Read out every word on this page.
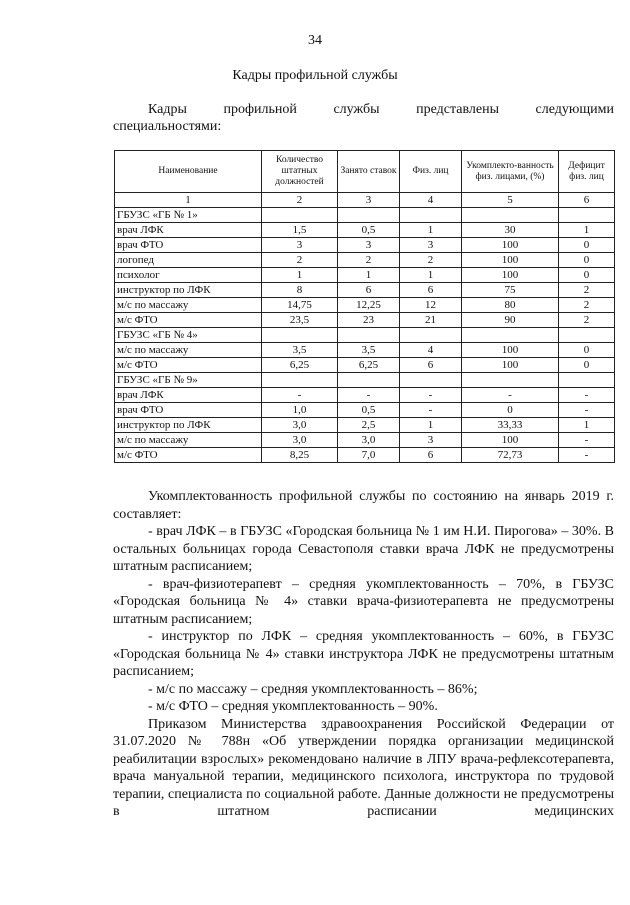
34
Кадры профильной службы
Кадры профильной службы представлены следующими
специальностями:
Наименование	Количество штатных должностей	Занято ставок	Физ. лиц	Укомплекто-ванность физ. лицами, (%)	Дефицит физ. лиц
1	2	3	4	5	6
ГБУЗС «ГБ № 1»					
врач ЛФК	1,5	0,5	1	30	1
врач ФТО	3	3	3	100	0
логопед	2	2	2	100	0
психолог	1	1	1	100	0
инструктор по ЛФК	8	6	6	75	2
м/с по массажу	14,75	12,25	12	80	2
м/с ФТО	23,5	23	21	90	2
ГБУЗС «ГБ № 4»					
м/с по массажу	3,5	3,5	4	100	0
м/с ФТО	6,25	6,25	6	100	0
ГБУЗС «ГБ № 9»					
врач ЛФК	-	-	-	-	-
врач ФТО	1,0	0,5	-	0	-
инструктор по ЛФК	3,0	2,5	1	33,33	1
м/с по массажу	3,0	3,0	3	100	-
м/с ФТО	8,25	7,0	6	72,73	-

Укомплектованность профильной службы по состоянию на январь 2019 г. составляет:

- врач ЛФК – в ГБУЗС «Городская больница № 1 им Н.И. Пирогова» – 30%. В остальных больницах города Севастополя ставки врача ЛФК не предусмотрены штатным расписанием;

- врач-физиотерапевт – средняя укомплектованность – 70%, в ГБУЗС «Городская больница № 4» ставки врача-физиотерапевта не предусмотрены штатным расписанием;

- инструктор по ЛФК – средняя укомплектованность – 60%, в ГБУЗС «Городская больница № 4» ставки инструктора ЛФК не предусмотрены штатным расписанием;

- м/с по массажу – средняя укомплектованность – 86%;

- м/с ФТО – средняя укомплектованность – 90%.

Приказом Министерства здравоохранения Российской Федерации от 31.07.2020 № 788н «Об утверждении порядка организации медицинской реабилитации взрослых» рекомендовано наличие в ЛПУ врача-рефлексотерапевта, врача мануальной терапии, медицинского психолога, инструктора по трудовой терапии, специалиста по социальной работе. Данные должности не предусмотрены в штатном расписании медицинских
